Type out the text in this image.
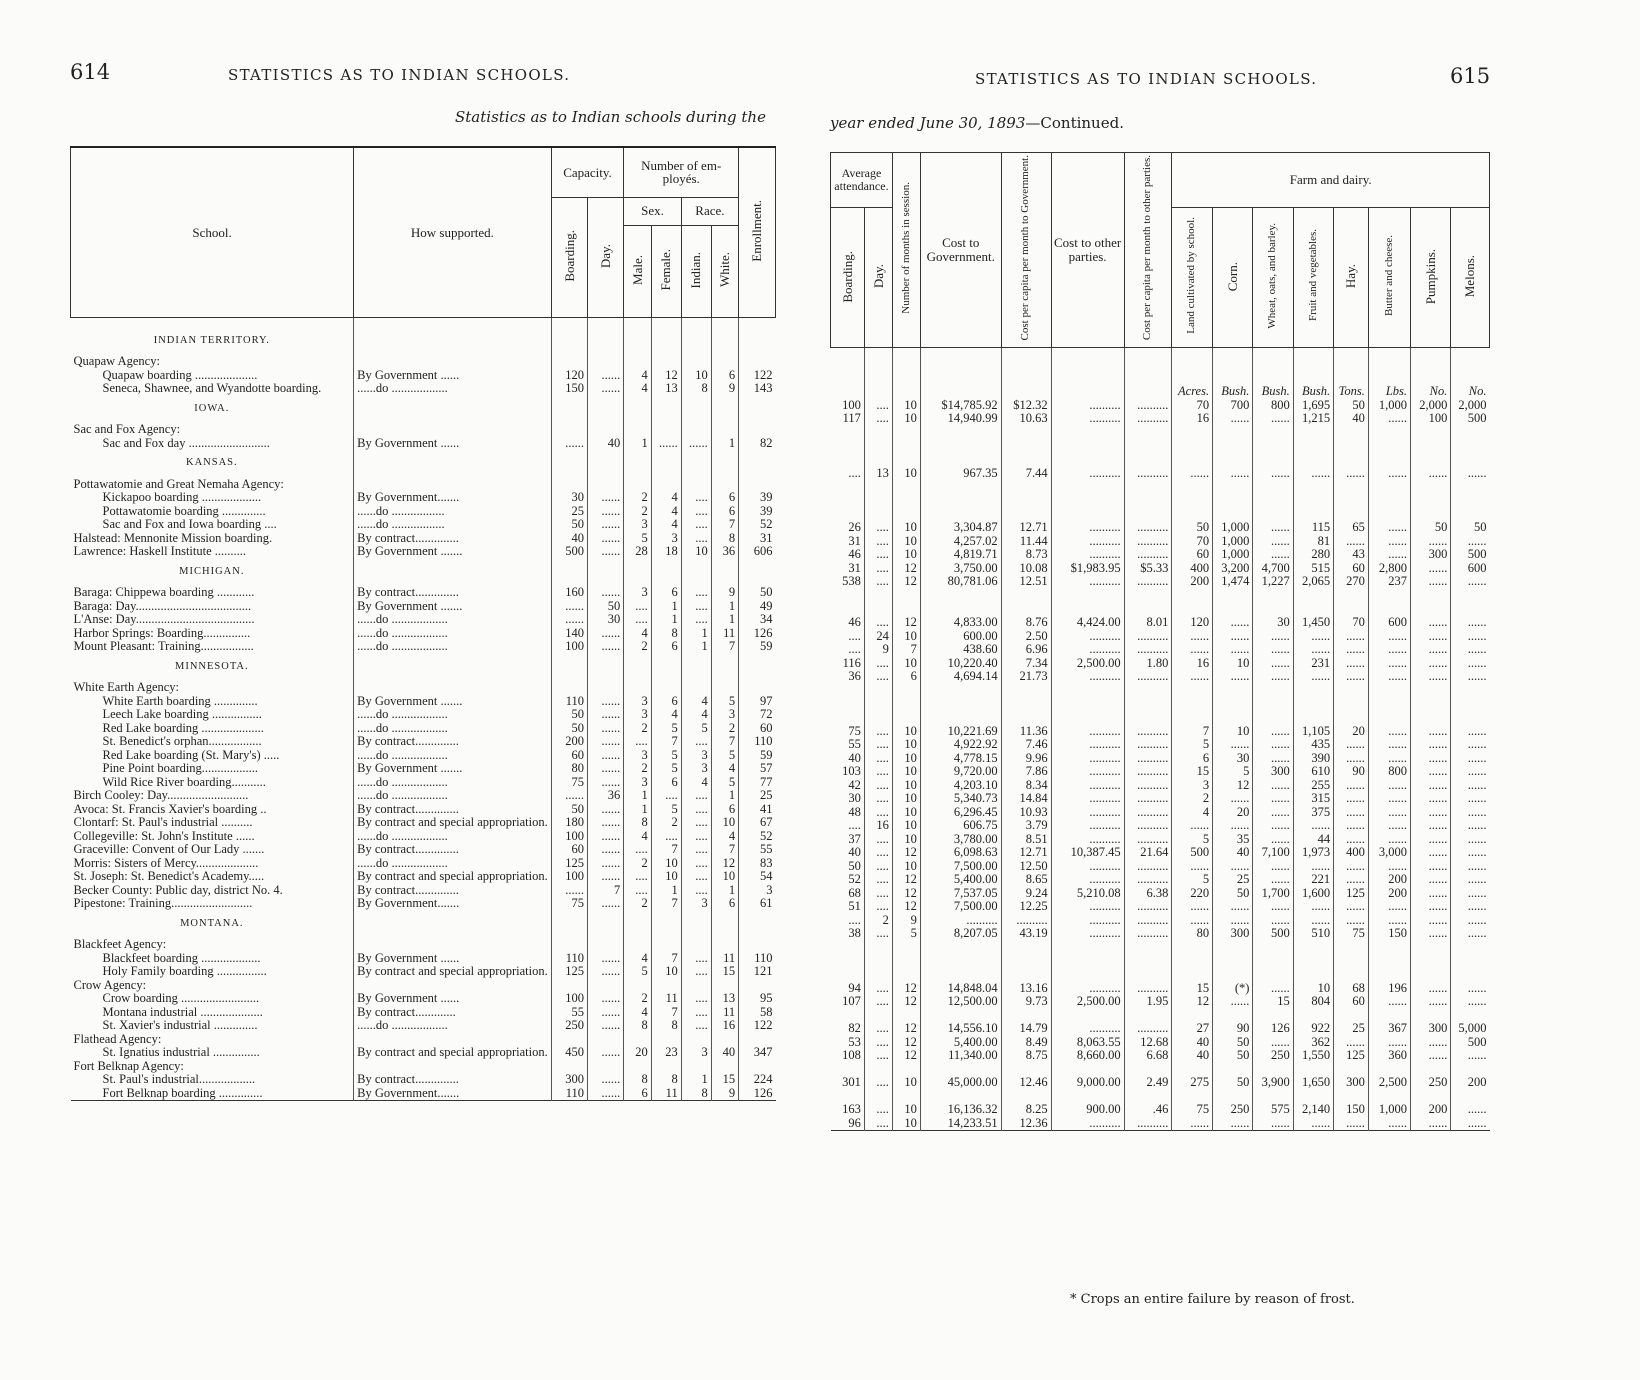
614	STATISTICS AS TO INDIAN SCHOOLS.
Statistics as to Indian schools during the
School.	How supported.	Capacity.		Number of employés.				Enrollment.
		Boarding.	Day.	Sex.		Race.		
				Male.	Female.	Indian.	White.	

INDIAN TERRITORY.								
Quapaw Agency:								
Quapaw boarding ....................	By Government ......	120	......	4	12	10	6	122
Seneca, Shawnee, and Wyandotte boarding.	......do ..................	150	......	4	13	8	9	143
IOWA.								
Sac and Fox Agency:								
Sac and Fox day ..........................	By Government ......	......	40	1	......	......	1	82
KANSAS.								
Pottawatomie and Great Nemaha Agency:								
Kickapoo boarding ...................	By Government.......	30	......	2	4	....	6	39
Pottawatomie boarding ..............	......do .................	25	......	2	4	....	6	39
Sac and Fox and Iowa boarding ....	......do .................	50	......	3	4	....	7	52
Halstead: Mennonite Mission boarding.	By contract..............	40	......	5	3	....	8	31
Lawrence: Haskell Institute ..........	By Government .......	500	......	28	18	10	36	606
MICHIGAN.								
Baraga: Chippewa boarding ............	By contract..............	160	......	3	6	....	9	50
Baraga: Day.....................................	By Government .......	......	50	....	1	....	1	49
L'Anse: Day......................................	......do ..................	......	30	....	1	....	1	34
Harbor Springs: Boarding...............	......do ..................	140	......	4	8	1	11	126
Mount Pleasant: Training.................	......do ..................	100	......	2	6	1	7	59
MINNESOTA.								
White Earth Agency:								
White Earth boarding ..............	By Government .......	110	......	3	6	4	5	97
Leech Lake boarding ................	......do ..................	50	......	3	4	4	3	72
Red Lake boarding ....................	......do ..................	50	......	2	5	5	2	60
St. Benedict's orphan.................	By contract..............	200	......	....	7	....	7	110
Red Lake boarding (St. Mary's) .....	......do ..................	60	......	3	5	3	5	59
Pine Point boarding..................	By Government .......	80	......	2	5	3	4	57
Wild Rice River boarding...........	......do ..................	75	......	3	6	4	5	77
Birch Cooley: Day..........................	......do ..................	......	36	1	....	....	1	25
Avoca: St. Francis Xavier's boarding ..	By contract..............	50	......	1	5	....	6	41
Clontarf: St. Paul's industrial ..........	By contract and special appropriation.	180	......	8	2	....	10	67
Collegeville: St. John's Institute ......	......do ..................	100	......	4	....	....	4	52
Graceville: Convent of Our Lady .......	By contract..............	60	......	....	7	....	7	55
Morris: Sisters of Mercy....................	......do ..................	125	......	2	10	....	12	83
St. Joseph: St. Benedict's Academy.....	By contract and special appropriation.	100	......	....	10	....	10	54
Becker County: Public day, district No. 4.	By contract..............	......	7	....	1	....	1	3
Pipestone: Training..........................	By Government.......	75	......	2	7	3	6	61
MONTANA.								
Blackfeet Agency:								
Blackfeet boarding ...................	By Government ......	110	......	4	7	....	11	110
Holy Family boarding ................	By contract and special appropriation.	125	......	5	10	....	15	121
Crow Agency:								
Crow boarding .........................	By Government ......	100	......	2	11	....	13	95
Montana industrial ....................	By contract.............	55	......	4	7	....	11	58
St. Xavier's industrial ..............	......do ..................	250	......	8	8	....	16	122
Flathead Agency:								
St. Ignatius industrial ...............	By contract and special appropriation.	450	......	20	23	3	40	347
Fort Belknap Agency:								
St. Paul's industrial..................	By contract..............	300	......	8	8	1	15	224
Fort Belknap boarding ..............	By Government.......	110	......	6	11	8	9	126
STATISTICS AS TO INDIAN SCHOOLS.	615
year ended June 30, 1893—Continued.
Average attendance.		Number of months in session.	Cost to Government.	Cost per capita per month to Government.	Cost to other parties.	Cost per capita per month to other parties.	Farm and dairy.							
Boarding.	Day.						Land cultivated by school.	Corn.	Wheat, oats, and barley.	Fruit and vegetables.	Hay.	Butter and cheese.	Pumpkins.	Melons.

							Acres.	Bush.	Bush.	Bush.	Tons.	Lbs.	No.	No.
100	....	10	$14,785.92	$12.32	..........	..........	70	700	800	1,695	50	1,000	2,000	2,000
117	....	10	14,940.99	10.63	..........	..........	16	......	......	1,215	40	......	100	500

....	13	10	967.35	7.44	..........	..........	......	......	......	......	......	......	......	......

26	....	10	3,304.87	12.71	..........	..........	50	1,000	......	115	65	......	50	50
31	....	10	4,257.02	11.44	..........	..........	70	1,000	......	81	......	......	......	......
46	....	10	4,819.71	8.73	..........	..........	60	1,000	......	280	43	......	300	500
31	....	12	3,750.00	10.08	$1,983.95	$5.33	400	3,200	4,700	515	60	2,800	......	600
538	....	12	80,781.06	12.51	..........	..........	200	1,474	1,227	2,065	270	237	......	......

46	....	12	4,833.00	8.76	4,424.00	8.01	120	......	30	1,450	70	600	......	......
....	24	10	600.00	2.50	..........	..........	......	......	......	......	......	......	......	......
....	9	7	438.60	6.96	..........	..........	......	......	......	......	......	......	......	......
116	....	10	10,220.40	7.34	2,500.00	1.80	16	10	......	231	......	......	......	......
36	....	6	4,694.14	21.73	..........	..........	......	......	......	......	......	......	......	......

75	....	10	10,221.69	11.36	..........	..........	7	10	......	1,105	20	......	......	......
55	....	10	4,922.92	7.46	..........	..........	5	......	......	435	......	......	......	......
40	....	10	4,778.15	9.96	..........	..........	6	30	......	390	......	......	......	......
103	....	10	9,720.00	7.86	..........	..........	15	5	300	610	90	800	......	......
42	....	10	4,203.10	8.34	..........	..........	3	12	......	255	......	......	......	......
30	....	10	5,340.73	14.84	..........	..........	2	......	......	315	......	......	......	......
48	....	10	6,296.45	10.93	..........	..........	4	20	......	375	......	......	......	......
....	16	10	606.75	3.79	..........	..........	......	......	......	......	......	......	......	......
37	....	10	3,780.00	8.51	..........	..........	5	35	......	44	......	......	......	......
40	....	12	6,098.63	12.71	10,387.45	21.64	500	40	7,100	1,973	400	3,000	......	......
50	....	10	7,500.00	12.50	..........	..........	......	......	......	......	......	......	......	......
52	....	12	5,400.00	8.65	..........	..........	5	25	......	221	......	200	......	......
68	....	12	7,537.05	9.24	5,210.08	6.38	220	50	1,700	1,600	125	200	......	......
51	....	12	7,500.00	12.25	..........	..........	......	......	......	......	......	......	......	......
....	2	9	..........	..........	..........	..........	......	......	......	......	......	......	......	......
38	....	5	8,207.05	43.19	..........	..........	80	300	500	510	75	150	......	......

94	....	12	14,848.04	13.16	..........	..........	15	(*)	......	10	68	196	......	......
107	....	12	12,500.00	9.73	2,500.00	1.95	12	......	15	804	60	......	......	......

82	....	12	14,556.10	14.79	..........	..........	27	90	126	922	25	367	300	5,000
53	....	12	5,400.00	8.49	8,063.55	12.68	40	50	......	362	......	......	......	500
108	....	12	11,340.00	8.75	8,660.00	6.68	40	50	250	1,550	125	360	......	......

301	....	10	45,000.00	12.46	9,000.00	2.49	275	50	3,900	1,650	300	2,500	250	200

163	....	10	16,136.32	8.25	900.00	.46	75	250	575	2,140	150	1,000	200	......
96	....	10	14,233.51	12.36	..........	..........	......	......	......	......	......	......	......	......
* Crops an entire failure by reason of frost.
